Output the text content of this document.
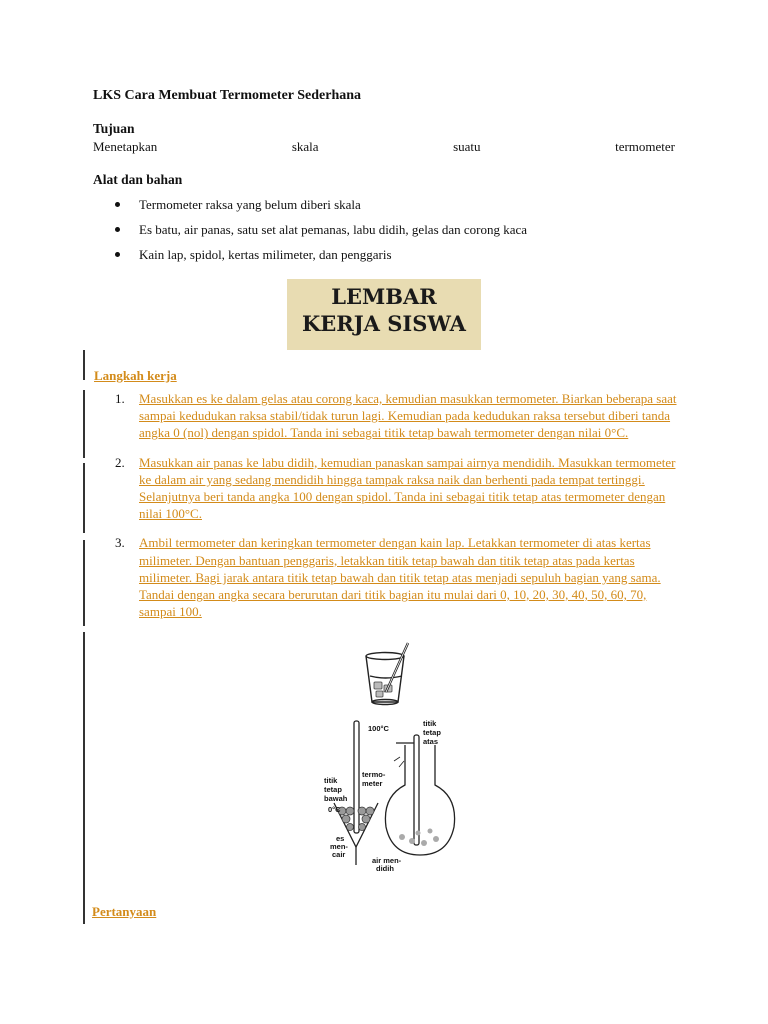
LKS Cara Membuat Termometer Sederhana
Tujuan
Menetapkan	skala	suatu	termometer
Alat dan bahan
Termometer raksa yang belum diberi skala
Es batu, air panas, satu set alat pemanas, labu didih, gelas dan corong kaca
Kain lap, spidol, kertas milimeter, dan penggaris
LEMBAR
KERJA SISWA
Langkah kerja
1. Masukkan es ke dalam gelas atau corong kaca, kemudian masukkan termometer. Biarkan beberapa saat sampai kedudukan raksa stabil/tidak turun lagi. Kemudian pada kedudukan raksa tersebut diberi tanda angka 0 (nol) dengan spidol. Tanda ini sebagai titik tetap bawah termometer dengan nilai 0°C.
2. Masukkan air panas ke labu didih, kemudian panaskan sampai airnya mendidih. Masukkan termometer ke dalam air yang sedang mendidih hingga tampak raksa naik dan berhenti pada tempat tertinggi. Selanjutnya beri tanda angka 100 dengan spidol. Tanda ini sebagai titik tetap atas termometer dengan nilai 100°C.
3. Ambil termometer dan keringkan termometer dengan kain lap. Letakkan termometer di atas kertas milimeter. Dengan bantuan penggaris, letakkan titik tetap bawah dan titik tetap atas pada kertas milimeter. Bagi jarak antara titik tetap bawah dan titik tetap atas menjadi sepuluh bagian yang sama. Tandai dengan angka secara berurutan dari titik bagian itu mulai dari 0, 10, 20, 30, 40, 50, 60, 70, sampai 100.
100°C
titik
tetap
atas
titik
tetap
bawah
0°C
termo-
meter
es
men-
cair
air men-
didih
Pertanyaan
